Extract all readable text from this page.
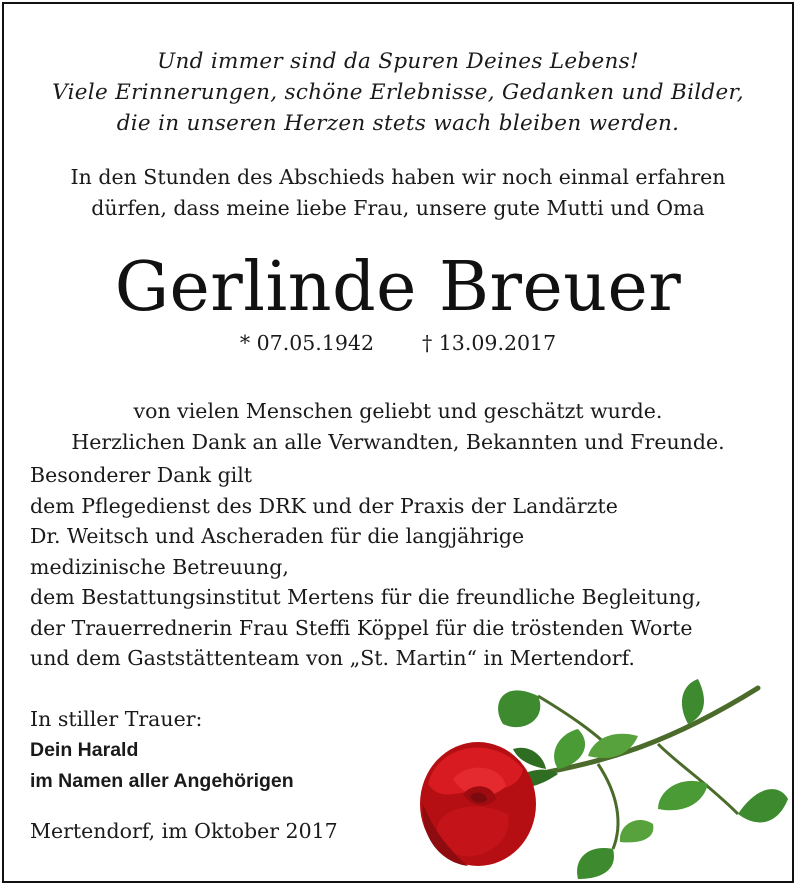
Und immer sind da Spuren Deines Lebens!
Viele Erinnerungen, schöne Erlebnisse, Gedanken und Bilder,
die in unseren Herzen stets wach bleiben werden.
In den Stunden des Abschieds haben wir noch einmal erfahren
dürfen, dass meine liebe Frau, unsere gute Mutti und Oma
Gerlinde Breuer
* 07.05.1942 † 13.09.2017
von vielen Menschen geliebt und geschätzt wurde.
Herzlichen Dank an alle Verwandten, Bekannten und Freunde.
Besonderer Dank gilt
dem Pflegedienst des DRK und der Praxis der Landärzte
Dr. Weitsch und Ascheraden für die langjährige
medizinische Betreuung,
dem Bestattungsinstitut Mertens für die freundliche Begleitung,
der Trauerrednerin Frau Steffi Köppel für die tröstenden Worte
und dem Gaststättenteam von „St. Martin“ in Mertendorf.
In stiller Trauer:
Dein Harald
im Namen aller Angehörigen
Mertendorf, im Oktober 2017
